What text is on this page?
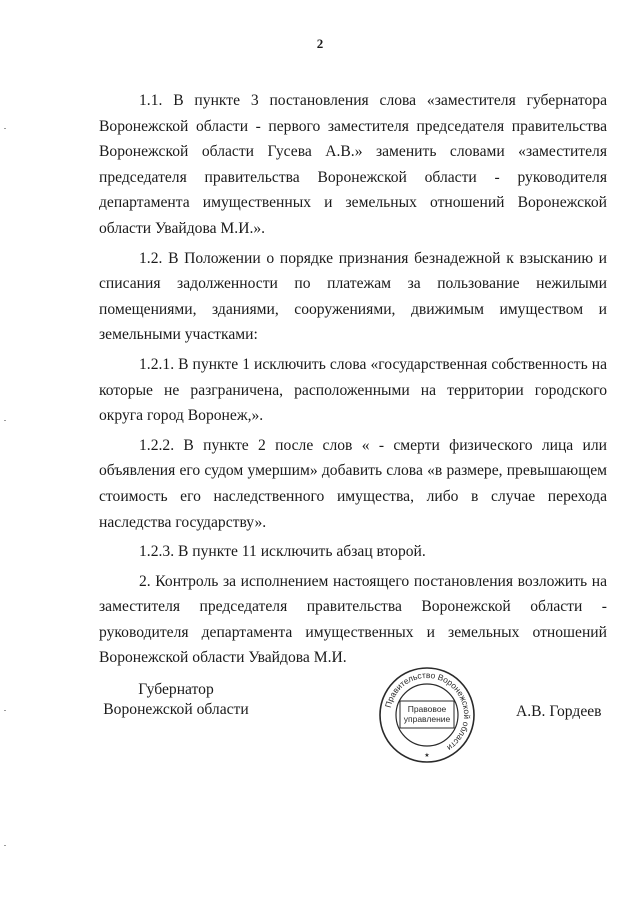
2

1.1. В пункте 3 постановления слова «заместителя губернатора Воронежской области - первого заместителя председателя правительства Воронежской области Гусева А.В.» заменить словами «заместителя председателя правительства Воронежской области - руководителя департамента имущественных и земельных отношений Воронежской области Увайдова М.И.».

1.2. В Положении о порядке признания безнадежной к взысканию и списания задолженности по платежам за пользование нежилыми помещениями, зданиями, сооружениями, движимым имуществом и земельными участками:

1.2.1. В пункте 1 исключить слова «государственная собственность на которые не разграничена, расположенными на территории городского округа город Воронеж,».

1.2.2. В пункте 2 после слов « - смерти физического лица или объявления его судом умершим» добавить слова «в размере, превышающем стоимость его наследственного имущества, либо в случае перехода наследства государству».

1.2.3. В пункте 11 исключить абзац второй.

2. Контроль за исполнением настоящего постановления возложить на заместителя председателя правительства Воронежской области - руководителя департамента имущественных и земельных отношений Воронежской области Увайдова М.И.

Губернатор
Воронежской области	Правительство Воронежской области
Правовое
управление
★
А.В. Гордеев
